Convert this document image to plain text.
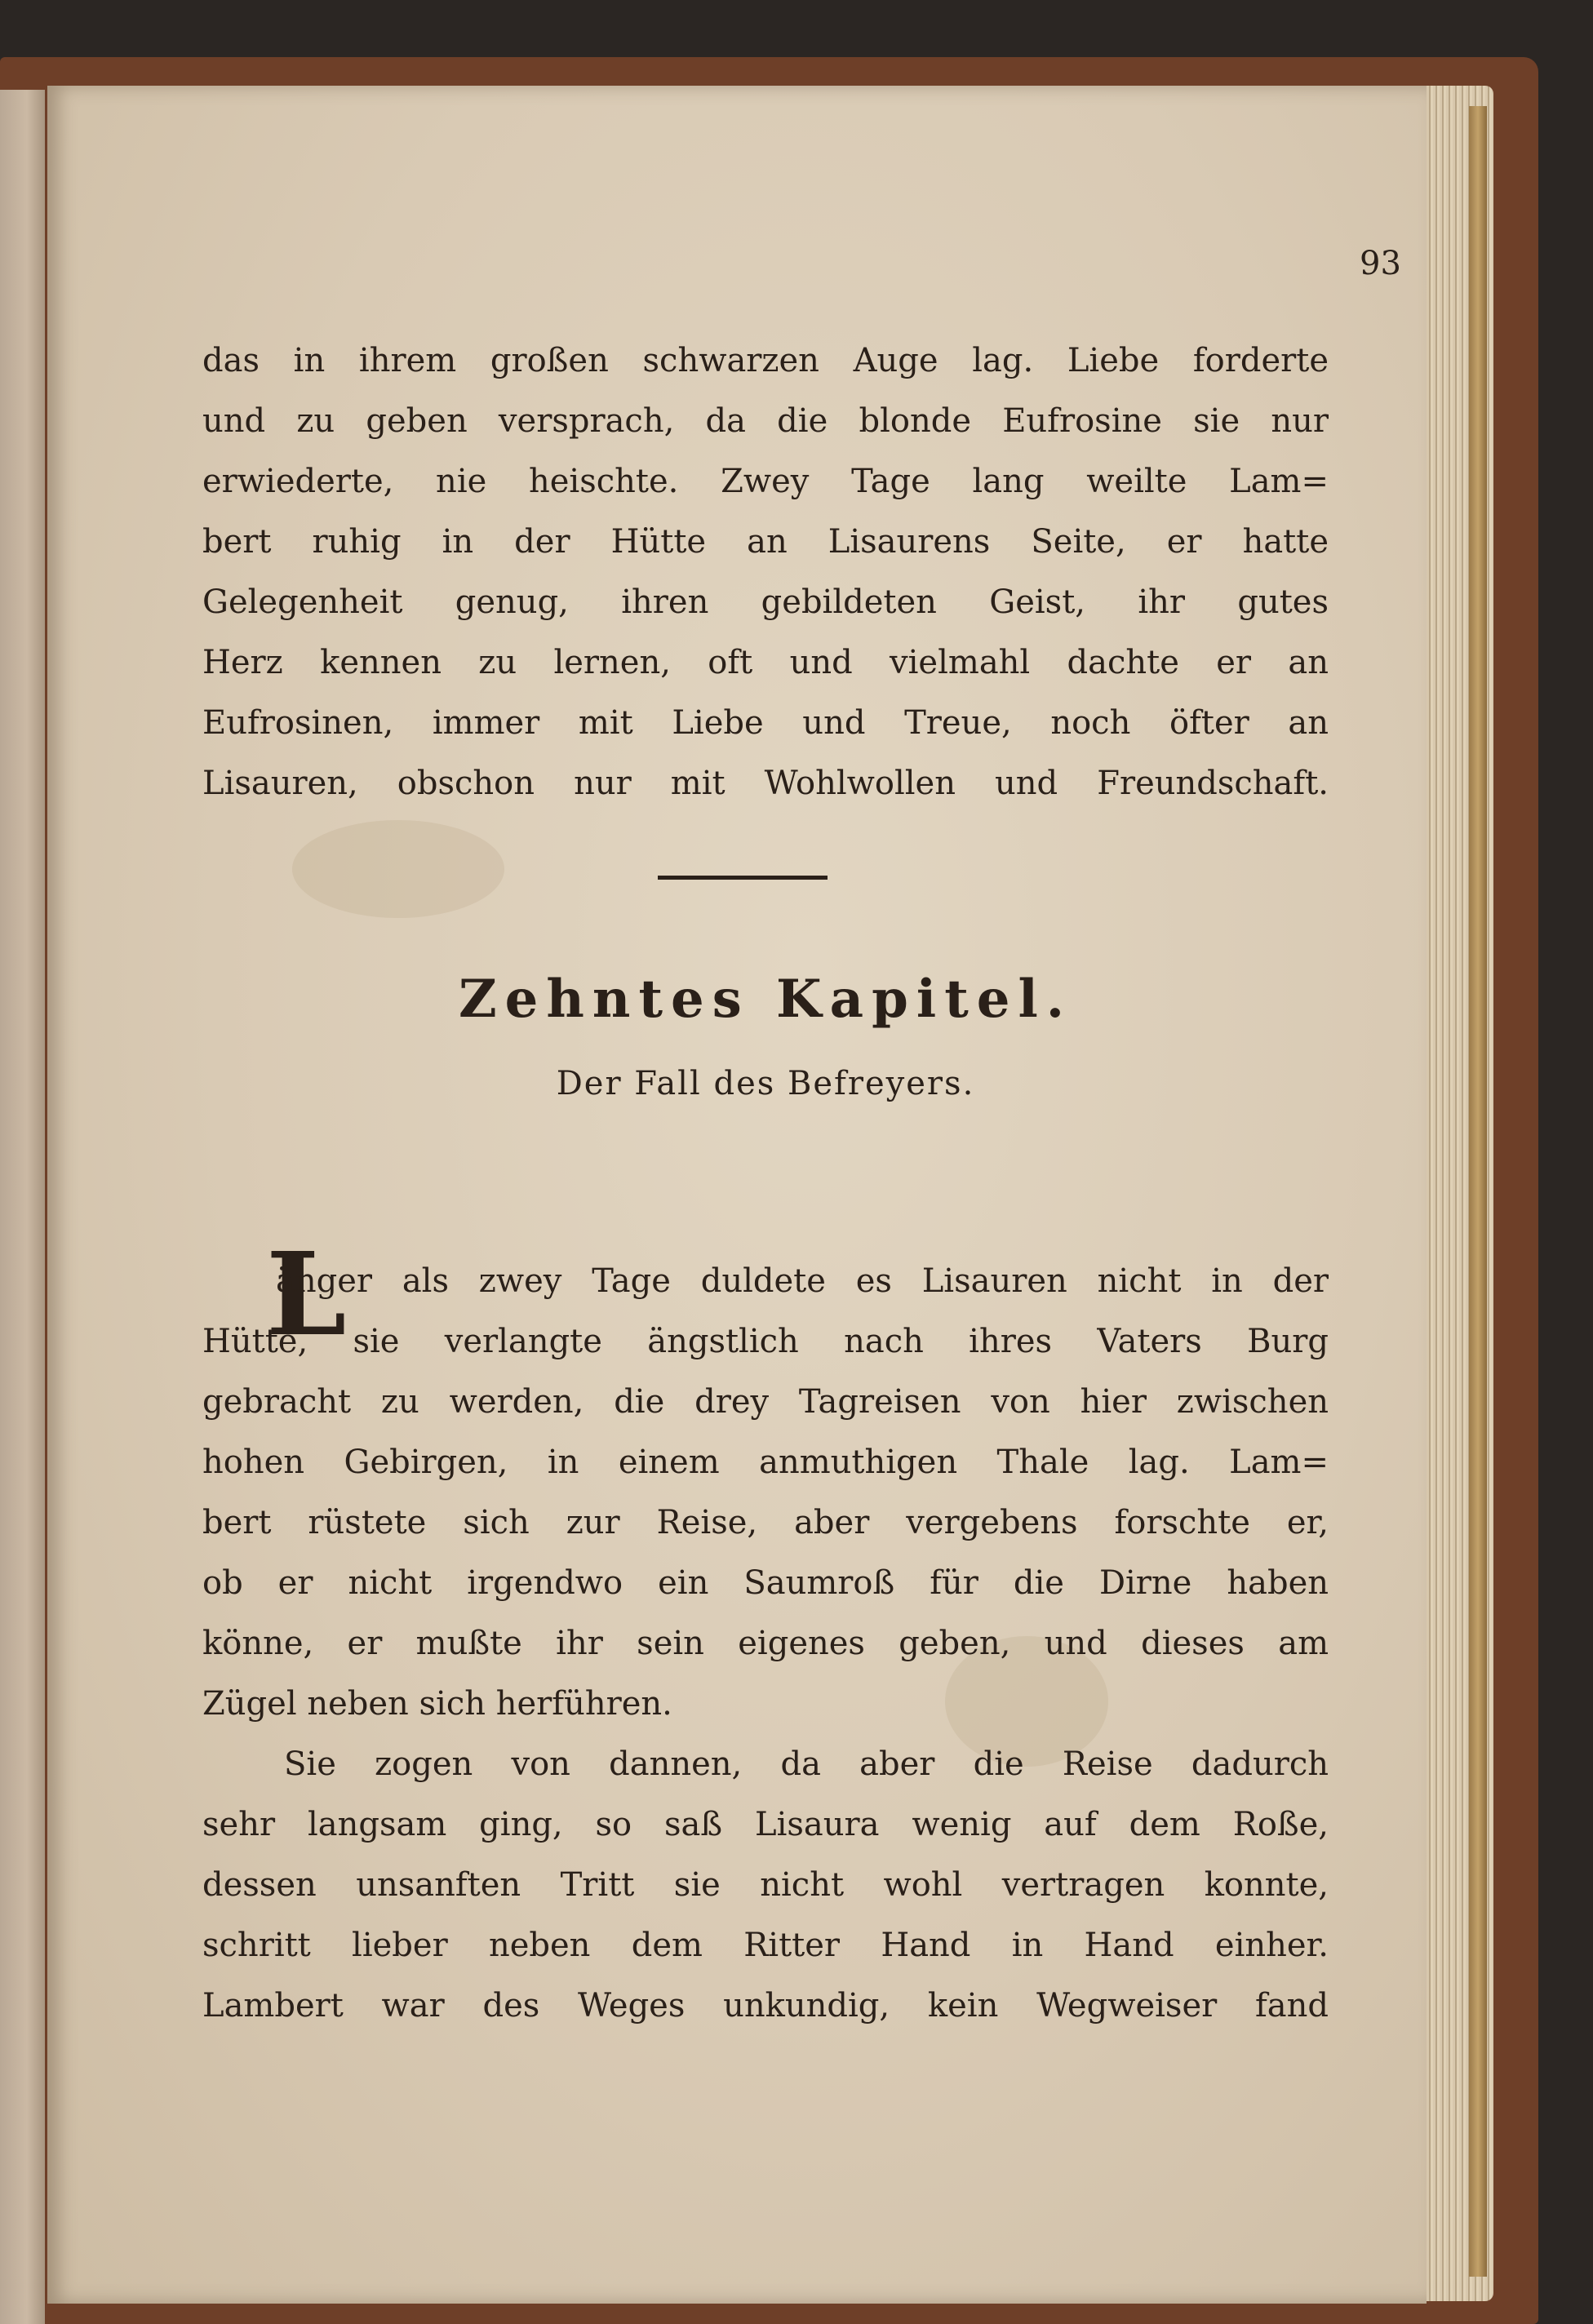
93
das in ihrem großen schwarzen Auge lag. Liebe forderte
und zu geben versprach, da die blonde Eufrosine sie nur
erwiederte, nie heischte. Zwey Tage lang weilte Lam=
bert ruhig in der Hütte an Lisaurens Seite, er hatte
Gelegenheit genug, ihren gebildeten Geist, ihr gutes
Herz kennen zu lernen, oft und vielmahl dachte er an
Eufrosinen, immer mit Liebe und Treue, noch öfter an
Lisauren, obschon nur mit Wohlwollen und Freundschaft.
Zehntes Kapitel.
Der Fall des Befreyers.
L
änger als zwey Tage duldete es Lisauren nicht in der
Hütte, sie verlangte ängstlich nach ihres Vaters Burg
gebracht zu werden, die drey Tagreisen von hier zwischen
hohen Gebirgen, in einem anmuthigen Thale lag. Lam=
bert rüstete sich zur Reise, aber vergebens forschte er,
ob er nicht irgendwo ein Saumroß für die Dirne haben
könne, er mußte ihr sein eigenes geben, und dieses am
Zügel neben sich herführen.
Sie zogen von dannen, da aber die Reise dadurch
sehr langsam ging, so saß Lisaura wenig auf dem Roße,
dessen unsanften Tritt sie nicht wohl vertragen konnte,
schritt lieber neben dem Ritter Hand in Hand einher.
Lambert war des Weges unkundig, kein Wegweiser fand
